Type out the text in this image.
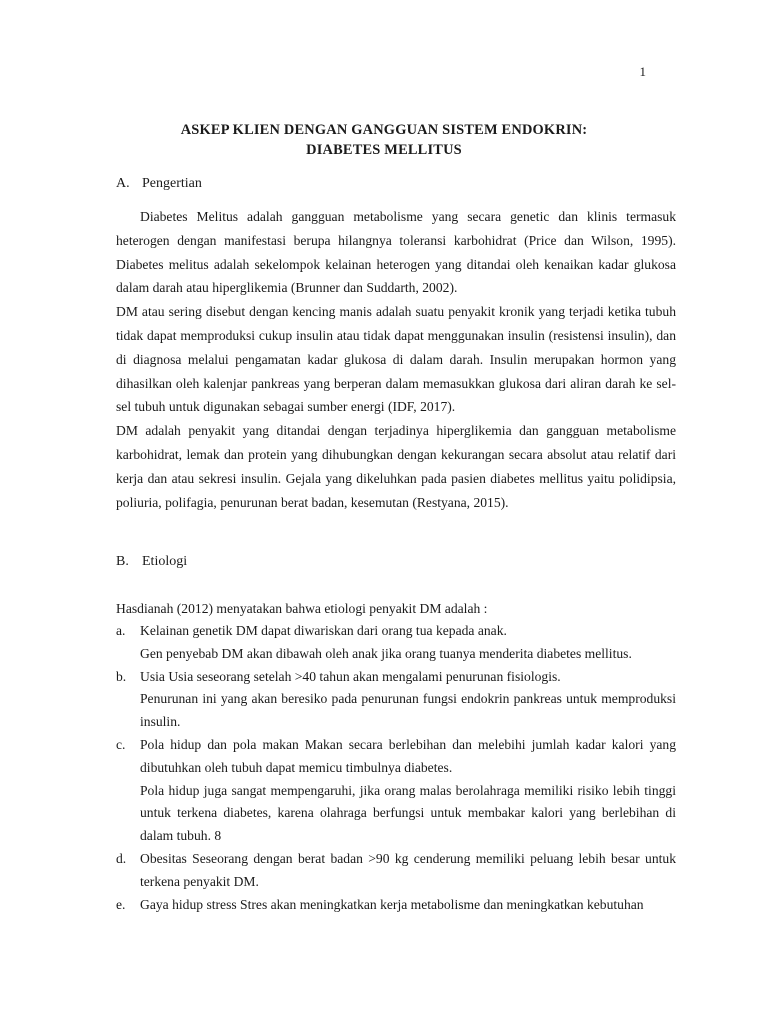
1
ASKEP KLIEN DENGAN GANGGUAN SISTEM ENDOKRIN:
DIABETES MELLITUS
A. Pengertian

Diabetes Melitus adalah gangguan metabolisme yang secara genetic dan klinis termasuk heterogen dengan manifestasi berupa hilangnya toleransi karbohidrat (Price dan Wilson, 1995). Diabetes melitus adalah sekelompok kelainan heterogen yang ditandai oleh kenaikan kadar glukosa dalam darah atau hiperglikemia (Brunner dan Suddarth, 2002).

DM atau sering disebut dengan kencing manis adalah suatu penyakit kronik yang terjadi ketika tubuh tidak dapat memproduksi cukup insulin atau tidak dapat menggunakan insulin (resistensi insulin), dan di diagnosa melalui pengamatan kadar glukosa di dalam darah. Insulin merupakan hormon yang dihasilkan oleh kalenjar pankreas yang berperan dalam memasukkan glukosa dari aliran darah ke sel-sel tubuh untuk digunakan sebagai sumber energi (IDF, 2017).

DM adalah penyakit yang ditandai dengan terjadinya hiperglikemia dan gangguan metabolisme karbohidrat, lemak dan protein yang dihubungkan dengan kekurangan secara absolut atau relatif dari kerja dan atau sekresi insulin. Gejala yang dikeluhkan pada pasien diabetes mellitus yaitu polidipsia, poliuria, polifagia, penurunan berat badan, kesemutan (Restyana, 2015).

B. Etiologi
Hasdianah (2012) menyatakan bahwa etiologi penyakit DM adalah :
a. Kelainan genetik DM dapat diwariskan dari orang tua kepada anak.

Gen penyebab DM akan dibawah oleh anak jika orang tuanya menderita diabetes mellitus.

b. Usia Usia seseorang setelah >40 tahun akan mengalami penurunan fisiologis.

Penurunan ini yang akan beresiko pada penurunan fungsi endokrin pankreas untuk memproduksi insulin.

c. Pola hidup dan pola makan Makan secara berlebihan dan melebihi jumlah kadar kalori yang dibutuhkan oleh tubuh dapat memicu timbulnya diabetes.

Pola hidup juga sangat mempengaruhi, jika orang malas berolahraga memiliki risiko lebih tinggi untuk terkena diabetes, karena olahraga berfungsi untuk membakar kalori yang berlebihan di dalam tubuh. 8

d. Obesitas Seseorang dengan berat badan >90 kg cenderung memiliki peluang lebih besar untuk terkena penyakit DM.

e. Gaya hidup stress Stres akan meningkatkan kerja metabolisme dan meningkatkan kebutuhan
